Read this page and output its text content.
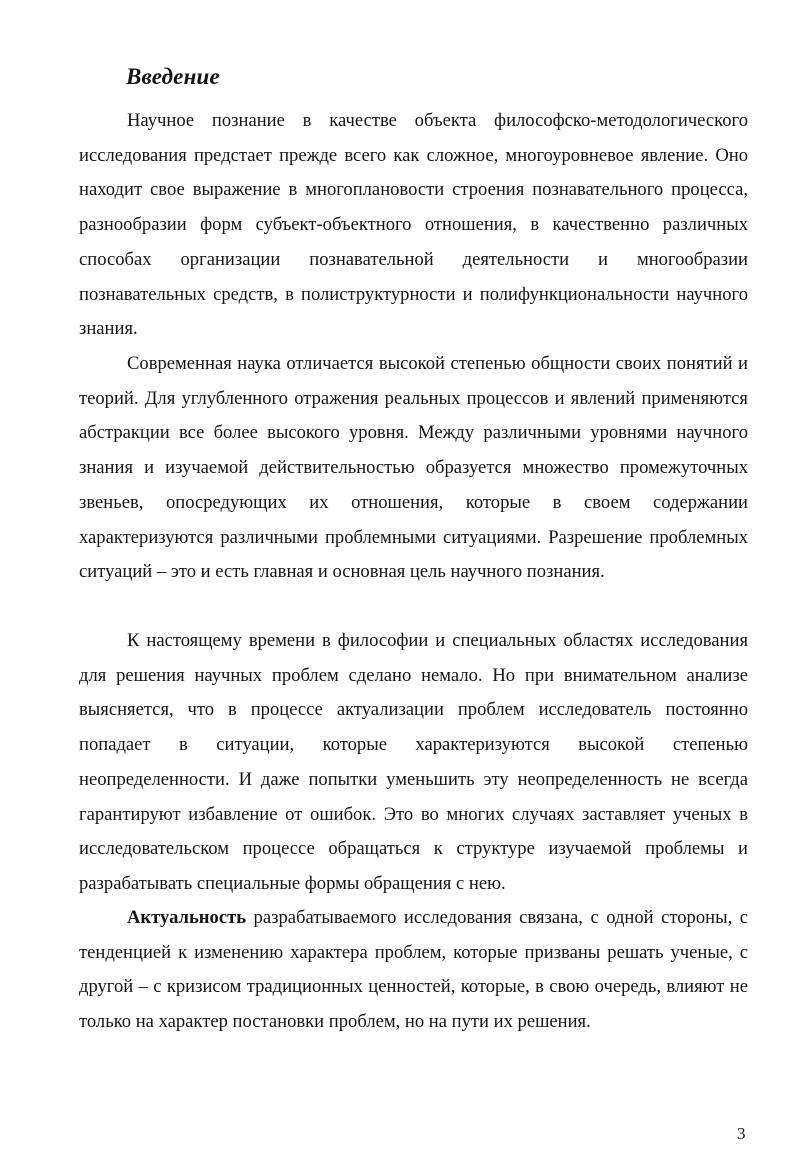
Введение

Научное познание в качестве объекта философско-методологического исследования предстает прежде всего как сложное, многоуровневое явление. Оно находит свое выражение в многоплановости строения познавательного процесса, разнообразии форм субъект-объектного отношения, в качественно различных способах организации познавательной деятельности и многообразии познавательных средств, в полиструктурности и полифункциональности научного знания.

Современная наука отличается высокой степенью общности своих понятий и теорий. Для углубленного отражения реальных процессов и явлений применяются абстракции все более высокого уровня. Между различными уровнями научного знания и изучаемой действительностью образуется множество промежуточных звеньев, опосредующих их отношения, которые в своем содержании характеризуются различными проблемными ситуациями. Разрешение проблемных ситуаций – это и есть главная и основная цель научного познания.

К настоящему времени в философии и специальных областях исследования для решения научных проблем сделано немало. Но при внимательном анализе выясняется, что в процессе актуализации проблем исследователь постоянно попадает в ситуации, которые характеризуются высокой степенью неопределенности. И даже попытки уменьшить эту неопределенность не всегда гарантируют избавление от ошибок. Это во многих случаях заставляет ученых в исследовательском процессе обращаться к структуре изучаемой проблемы и разрабатывать специальные формы обращения с нею.

Актуальность разрабатываемого исследования связана, с одной стороны, с тенденцией к изменению характера проблем, которые призваны решать ученые, с другой – с кризисом традиционных ценностей, которые, в свою очередь, влияют не только на характер постановки проблем, но на пути их решения.

3
